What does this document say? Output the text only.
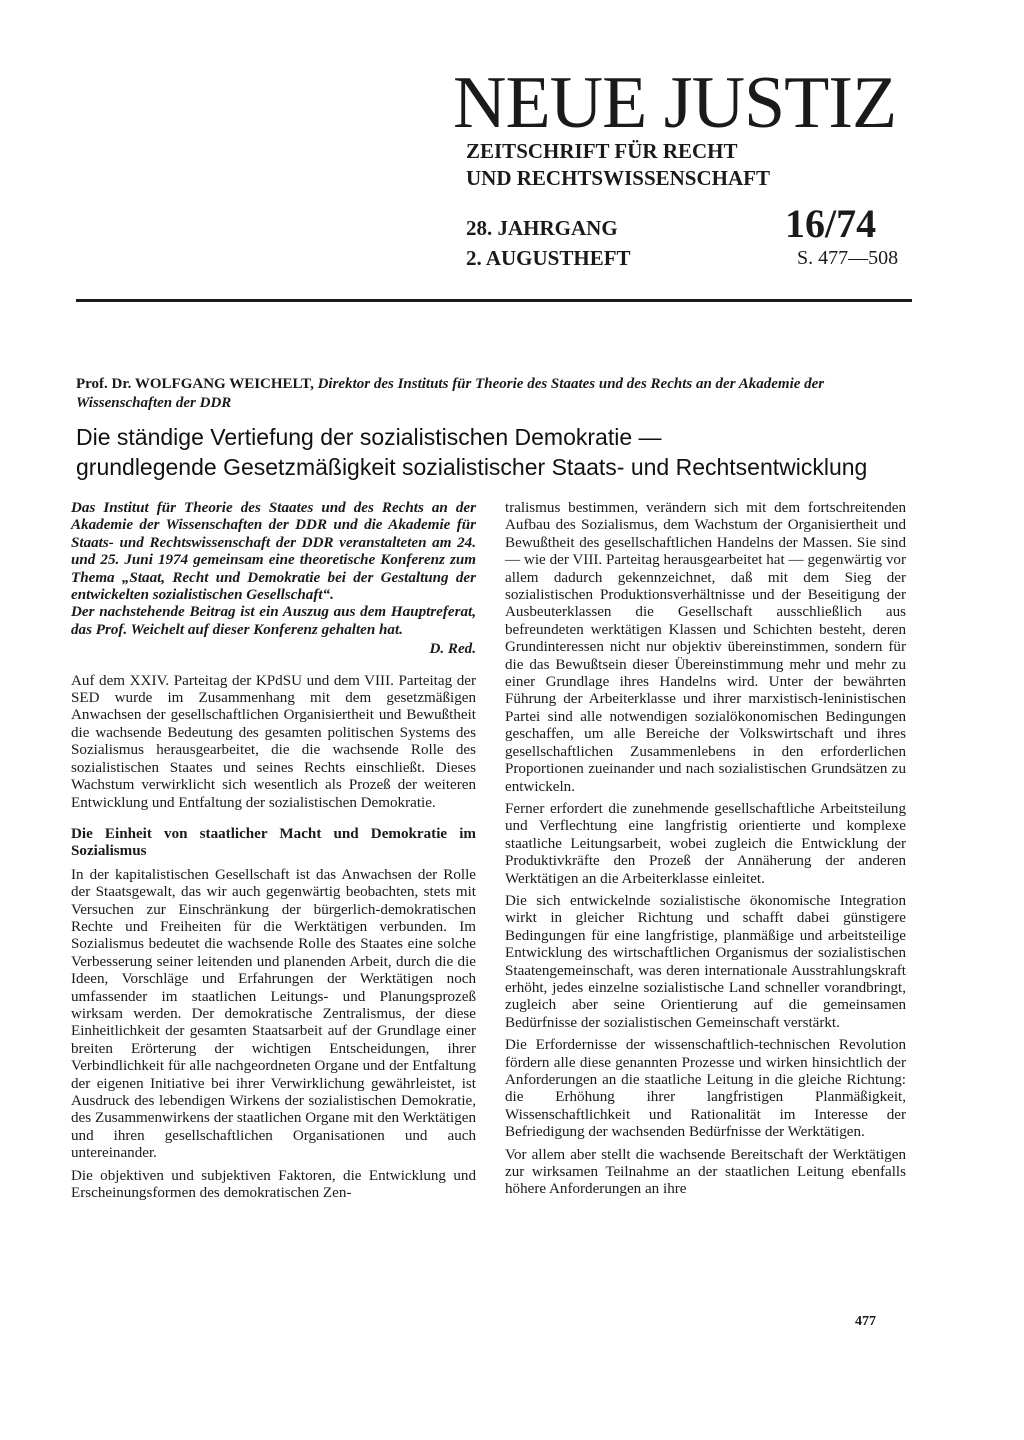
NEUE JUSTIZ
ZEITSCHRIFT FÜR RECHT
UND RECHTSWISSENSCHAFT
28. JAHRGANG
2. AUGUSTHEFT
16/74
S. 477—508
Prof. Dr. WOLFGANG WEICHELT, Direktor des Instituts für Theorie des Staates und des Rechts an der Akademie der Wissenschaften der DDR
Die ständige Vertiefung der sozialistischen Demokratie —
grundlegende Gesetzmäßigkeit sozialistischer Staats- und Rechtsentwicklung

Das Institut für Theorie des Staates und des Rechts an der Akademie der Wissenschaften der DDR und die Akademie für Staats- und Rechtswissenschaft der DDR veranstalteten am 24. und 25. Juni 1974 gemeinsam eine theoretische Konferenz zum Thema „Staat, Recht und Demokratie bei der Gestaltung der entwickelten sozialistischen Gesellschaft“.

Der nachstehende Beitrag ist ein Auszug aus dem Hauptreferat, das Prof. Weichelt auf dieser Konferenz gehalten hat.

D. Red.

Auf dem XXIV. Parteitag der KPdSU und dem VIII. Parteitag der SED wurde im Zusammenhang mit dem gesetzmäßigen Anwachsen der gesellschaftlichen Organisiertheit und Bewußtheit die wachsende Bedeutung des gesamten politischen Systems des Sozialismus herausgearbeitet, die die wachsende Rolle des sozialistischen Staates und seines Rechts einschließt. Dieses Wachstum verwirklicht sich wesentlich als Prozeß der weiteren Entwicklung und Entfaltung der sozialistischen Demokratie.

Die Einheit von staatlicher Macht und Demokratie im Sozialismus

In der kapitalistischen Gesellschaft ist das Anwachsen der Rolle der Staatsgewalt, das wir auch gegenwärtig beobachten, stets mit Versuchen zur Einschränkung der bürgerlich-demokratischen Rechte und Freiheiten für die Werktätigen verbunden. Im Sozialismus bedeutet die wachsende Rolle des Staates eine solche Verbesserung seiner leitenden und planenden Arbeit, durch die die Ideen, Vorschläge und Erfahrungen der Werktätigen noch umfassender im staatlichen Leitungs- und Planungsprozeß wirksam werden. Der demokratische Zentralismus, der diese Einheitlichkeit der gesamten Staatsarbeit auf der Grundlage einer breiten Erörterung der wichtigen Entscheidungen, ihrer Verbindlichkeit für alle nachgeordneten Organe und der Entfaltung der eigenen Initiative bei ihrer Verwirklichung gewährleistet, ist Ausdruck des lebendigen Wirkens der sozialistischen Demokratie, des Zusammenwirkens der staatlichen Organe mit den Werktätigen und ihren gesellschaftlichen Organisationen und auch untereinander.

Die objektiven und subjektiven Faktoren, die Entwicklung und Erscheinungsformen des demokratischen Zen-

tralismus bestimmen, verändern sich mit dem fortschreitenden Aufbau des Sozialismus, dem Wachstum der Organisiertheit und Bewußtheit des gesellschaftlichen Handelns der Massen. Sie sind — wie der VIII. Parteitag herausgearbeitet hat — gegenwärtig vor allem dadurch gekennzeichnet, daß mit dem Sieg der sozialistischen Produktionsverhältnisse und der Beseitigung der Ausbeuterklassen die Gesellschaft ausschließlich aus befreundeten werktätigen Klassen und Schichten besteht, deren Grundinteressen nicht nur objektiv übereinstimmen, sondern für die das Bewußtsein dieser Übereinstimmung mehr und mehr zu einer Grundlage ihres Handelns wird. Unter der bewährten Führung der Arbeiterklasse und ihrer marxistisch-leninistischen Partei sind alle notwendigen sozialökonomischen Bedingungen geschaffen, um alle Bereiche der Volkswirtschaft und ihres gesellschaftlichen Zusammenlebens in den erforderlichen Proportionen zueinander und nach sozialistischen Grundsätzen zu entwickeln.

Ferner erfordert die zunehmende gesellschaftliche Arbeitsteilung und Verflechtung eine langfristig orientierte und komplexe staatliche Leitungsarbeit, wobei zugleich die Entwicklung der Produktivkräfte den Prozeß der Annäherung der anderen Werktätigen an die Arbeiterklasse einleitet.

Die sich entwickelnde sozialistische ökonomische Integration wirkt in gleicher Richtung und schafft dabei günstigere Bedingungen für eine langfristige, planmäßige und arbeitsteilige Entwicklung des wirtschaftlichen Organismus der sozialistischen Staatengemeinschaft, was deren internationale Ausstrahlungskraft erhöht, jedes einzelne sozialistische Land schneller vorandbringt, zugleich aber seine Orientierung auf die gemeinsamen Bedürfnisse der sozialistischen Gemeinschaft verstärkt.

Die Erfordernisse der wissenschaftlich-technischen Revolution fördern alle diese genannten Prozesse und wirken hinsichtlich der Anforderungen an die staatliche Leitung in die gleiche Richtung: die Erhöhung ihrer langfristigen Planmäßigkeit, Wissenschaftlichkeit und Rationalität im Interesse der Befriedigung der wachsenden Bedürfnisse der Werktätigen.

Vor allem aber stellt die wachsende Bereitschaft der Werktätigen zur wirksamen Teilnahme an der staatlichen Leitung ebenfalls höhere Anforderungen an ihre

477
